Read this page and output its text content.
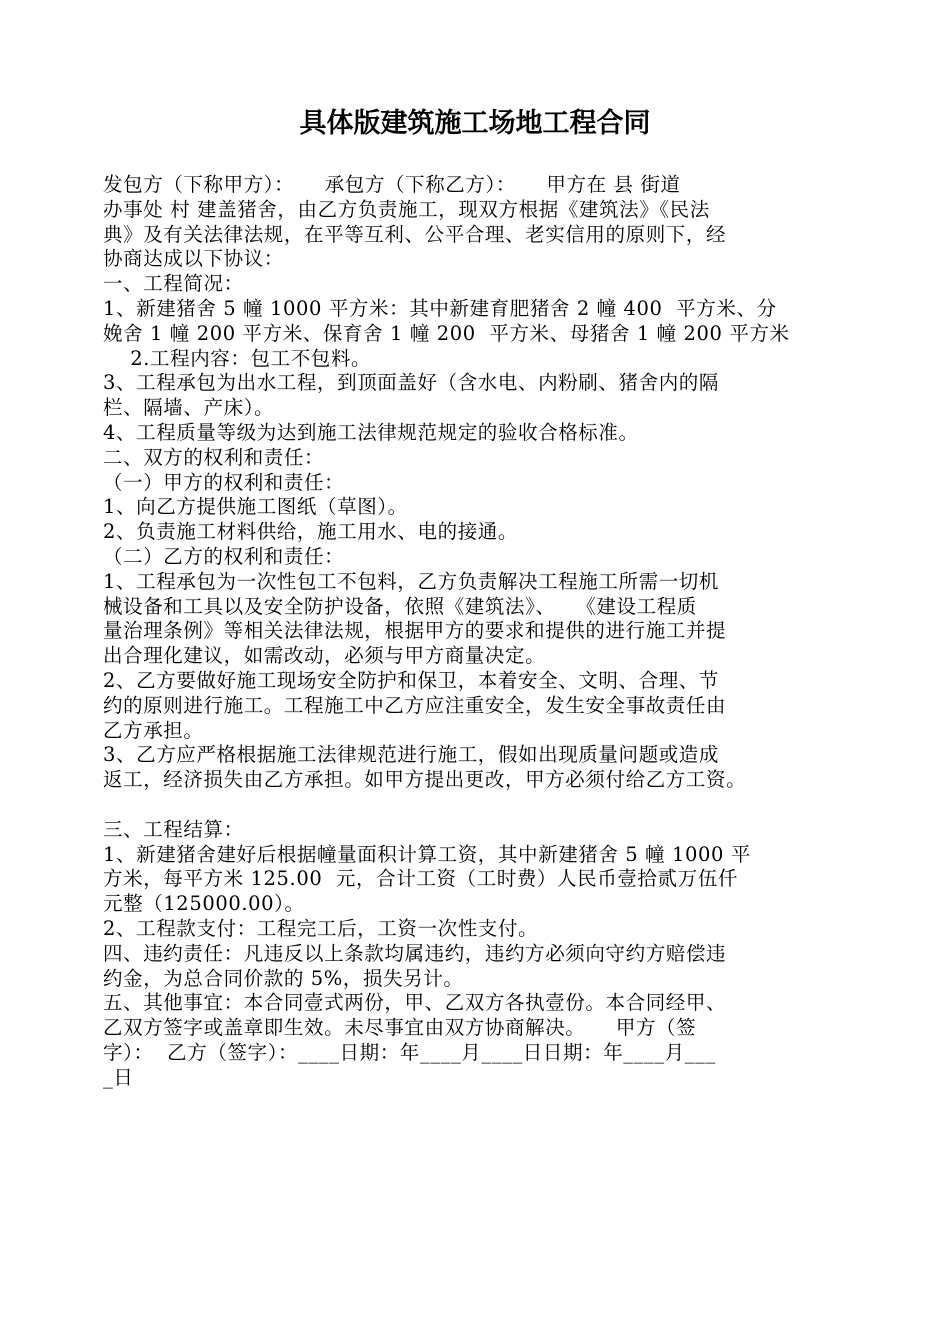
具体版建筑施工场地工程合同
发包方（下称甲方）：　　承包方（下称乙方）：　　甲方在 县 街道
办事处 村 建盖猪舍，由乙方负责施工，现双方根据《建筑法》《民法
典》及有关法律法规，在平等互利、公平合理、老实信用的原则下，经
协商达成以下协议：
一、工程简况：
1、新建猪舍 5 幢 1000 平方米：其中新建育肥猪舍 2 幢 400  平方米、分
娩舍 1 幢 200 平方米、保育舍 1 幢 200  平方米、母猪舍 1 幢 200 平方米
2.工程内容：包工不包料。
3、工程承包为出水工程，到顶面盖好（含水电、内粉刷、猪舍内的隔
栏、隔墙、产床）。
4、工程质量等级为达到施工法律规范规定的验收合格标准。
二、双方的权利和责任：
（一）甲方的权利和责任：
1、向乙方提供施工图纸（草图）。
2、负责施工材料供给，施工用水、电的接通。
（二）乙方的权利和责任：
1、工程承包为一次性包工不包料，乙方负责解决工程施工所需一切机
械设备和工具以及安全防护设备，依照《建筑法》、　　《建设工程质
量治理条例》等相关法律法规，根据甲方的要求和提供的进行施工并提
出合理化建议，如需改动，必须与甲方商量决定。
2、乙方要做好施工现场安全防护和保卫，本着安全、文明、合理、节
约的原则进行施工。工程施工中乙方应注重安全，发生安全事故责任由
乙方承担。
3、乙方应严格根据施工法律规范进行施工，假如出现质量问题或造成
返工，经济损失由乙方承担。如甲方提出更改，甲方必须付给乙方工资。
三、工程结算：
1、新建猪舍建好后根据幢量面积计算工资，其中新建猪舍 5 幢 1000 平
方米，每平方米 125.00  元，合计工资（工时费）人民币壹拾贰万伍仟
元整（125000.00）。
2、工程款支付：工程完工后，工资一次性支付。
四、违约责任：凡违反以上条款均属违约，违约方必须向守约方赔偿违
约金，为总合同价款的 5%，损失另计。
五、其他事宜：本合同壹式两份，甲、乙双方各执壹份。本合同经甲、
乙双方签字或盖章即生效。未尽事宜由双方协商解决。　　甲方（签
字）：  乙方（签字）：____日期：年____月____日日期：年____月___
_日
